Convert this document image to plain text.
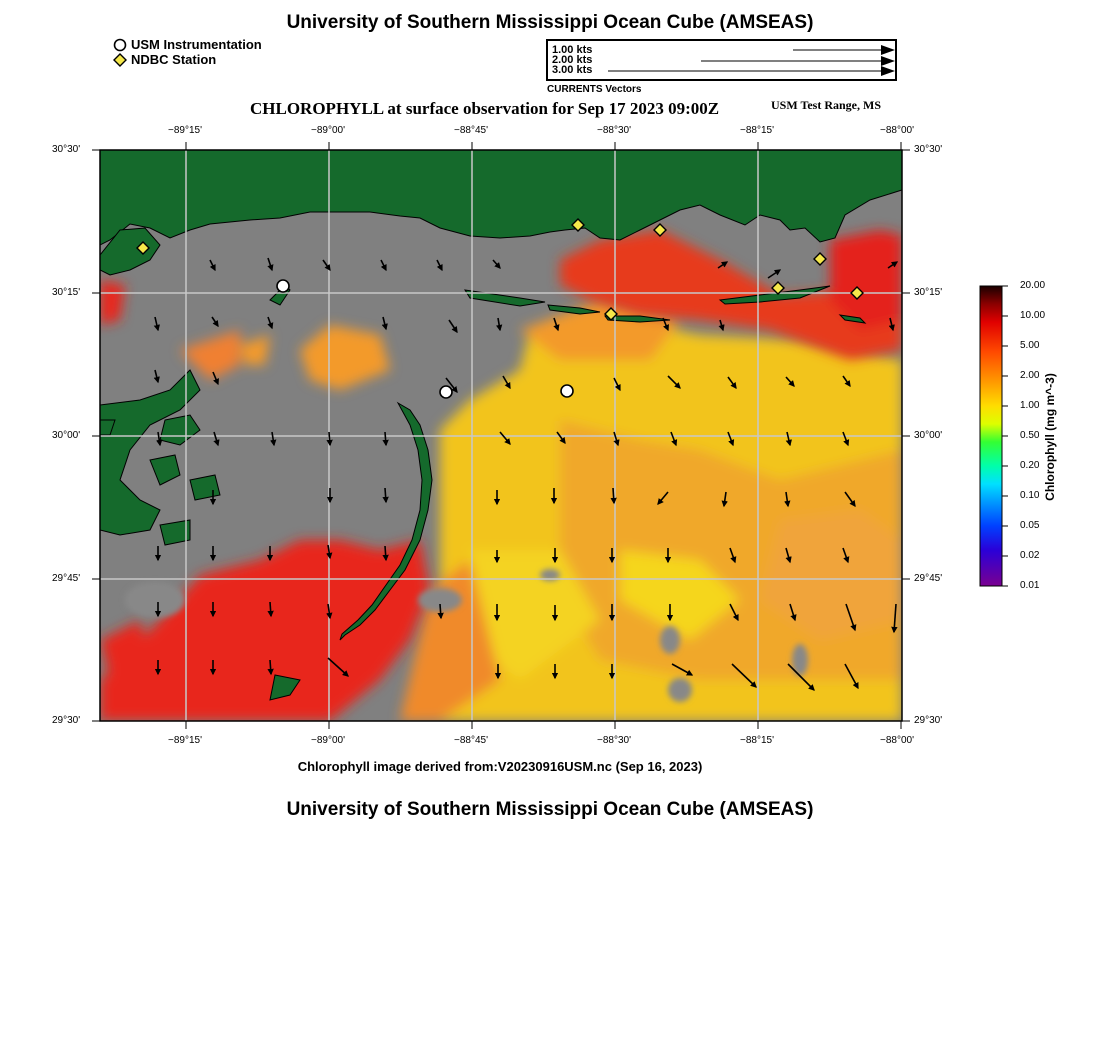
University of Southern Mississippi Ocean Cube (AMSEAS)
USM Instrumentation
NDBC Station
1.00 kts
2.00 kts
3.00 kts
CURRENTS Vectors
CHLOROPHYLL at surface observation for Sep 17 2023 09:00Z	USM Test Range, MS
−89°15'	−89°00'	−88°45'	−88°30'	−88°15'	−88°00'
−89°15'	−89°00'	−88°45'	−88°30'	−88°15'	−88°00'
30°30'
30°15'
30°00'
29°45'
29°30'
30°30'
30°15'
30°00'
29°45'
29°30'
20.00
10.00
5.00
2.00
1.00
0.50
0.20
0.10
0.05
0.02
0.01
Chlorophyll (mg m^-3)
Chlorophyll image derived from:V20230916USM.nc (Sep 16, 2023)
University of Southern Mississippi Ocean Cube (AMSEAS)
